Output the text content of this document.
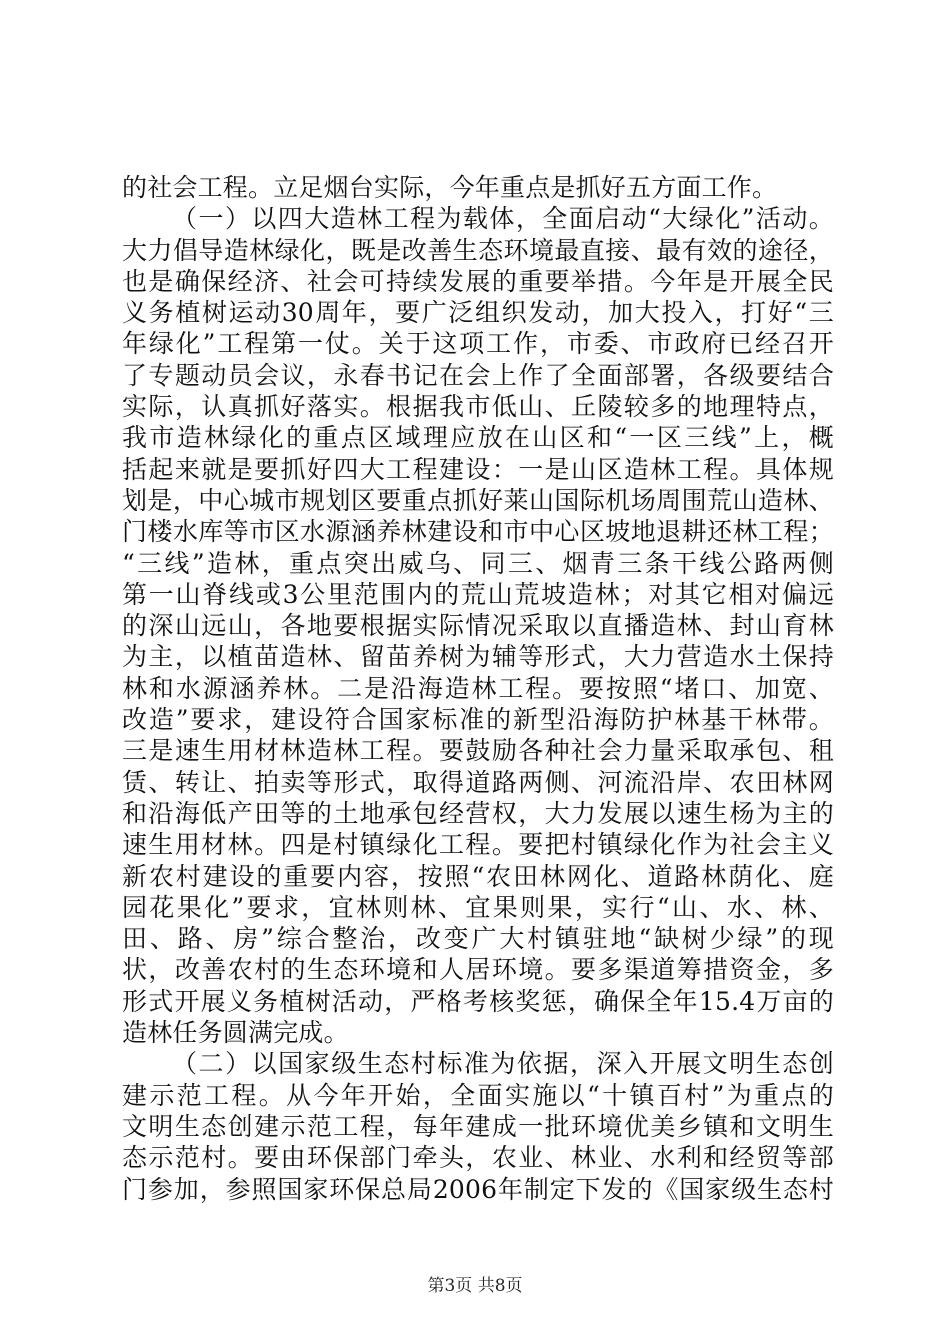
的社会工程。立足烟台实际，今年重点是抓好五方面工作。
（一）以四大造林工程为载体，全面启动“大绿化”活动。
大力倡导造林绿化，既是改善生态环境最直接、最有效的途径，
也是确保经济、社会可持续发展的重要举措。今年是开展全民
义务植树运动30周年，要广泛组织发动，加大投入，打好“三
年绿化”工程第一仗。关于这项工作，市委、市政府已经召开
了专题动员会议，永春书记在会上作了全面部署，各级要结合
实际，认真抓好落实。根据我市低山、丘陵较多的地理特点，
我市造林绿化的重点区域理应放在山区和“一区三线”上，概
括起来就是要抓好四大工程建设：一是山区造林工程。具体规
划是，中心城市规划区要重点抓好莱山国际机场周围荒山造林、
门楼水库等市区水源涵养林建设和市中心区坡地退耕还林工程；
“三线”造林，重点突出威乌、同三、烟青三条干线公路两侧
第一山脊线或3公里范围内的荒山荒坡造林；对其它相对偏远
的深山远山，各地要根据实际情况采取以直播造林、封山育林
为主，以植苗造林、留苗养树为辅等形式，大力营造水土保持
林和水源涵养林。二是沿海造林工程。要按照“堵口、加宽、
改造”要求，建设符合国家标准的新型沿海防护林基干林带。
三是速生用材林造林工程。要鼓励各种社会力量采取承包、租
赁、转让、拍卖等形式，取得道路两侧、河流沿岸、农田林网
和沿海低产田等的土地承包经营权，大力发展以速生杨为主的
速生用材林。四是村镇绿化工程。要把村镇绿化作为社会主义
新农村建设的重要内容，按照“农田林网化、道路林荫化、庭
园花果化”要求，宜林则林、宜果则果，实行“山、水、林、
田、路、房”综合整治，改变广大村镇驻地“缺树少绿”的现
状，改善农村的生态环境和人居环境。要多渠道筹措资金，多
形式开展义务植树活动，严格考核奖惩，确保全年15.4万亩的
造林任务圆满完成。
（二）以国家级生态村标准为依据，深入开展文明生态创
建示范工程。从今年开始，全面实施以“十镇百村”为重点的
文明生态创建示范工程，每年建成一批环境优美乡镇和文明生
态示范村。要由环保部门牵头，农业、林业、水利和经贸等部
门参加，参照国家环保总局2006年制定下发的《国家级生态村
第3页 共8页
